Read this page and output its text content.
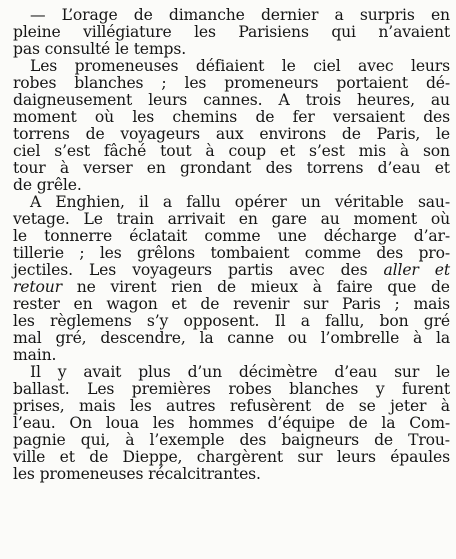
— L’orage de dimanche dernier a surpris en
pleine villégiature les Parisiens qui n’avaient
pas consulté le temps.
Les promeneuses défiaient le ciel avec leurs
robes blanches ; les promeneurs portaient dé-
daigneusement leurs cannes. A trois heures, au
moment où les chemins de fer versaient des
torrens de voyageurs aux environs de Paris, le
ciel s’est fâché tout à coup et s’est mis à son
tour à verser en grondant des torrens d’eau et
de grêle.
A Enghien, il a fallu opérer un véritable sau-
vetage. Le train arrivait en gare au moment où
le tonnerre éclatait comme une décharge d’ar-
tillerie ; les grêlons tombaient comme des pro-
jectiles. Les voyageurs partis avec des aller et
retour ne virent rien de mieux à faire que de
rester en wagon et de revenir sur Paris ; mais
les règlemens s’y opposent. Il a fallu, bon gré
mal gré, descendre, la canne ou l’ombrelle à la
main.
Il y avait plus d’un décimètre d’eau sur le
ballast. Les premières robes blanches y furent
prises, mais les autres refusèrent de se jeter à
l’eau. On loua les hommes d’équipe de la Com-
pagnie qui, à l’exemple des baigneurs de Trou-
ville et de Dieppe, chargèrent sur leurs épaules
les promeneuses récalcitrantes.
